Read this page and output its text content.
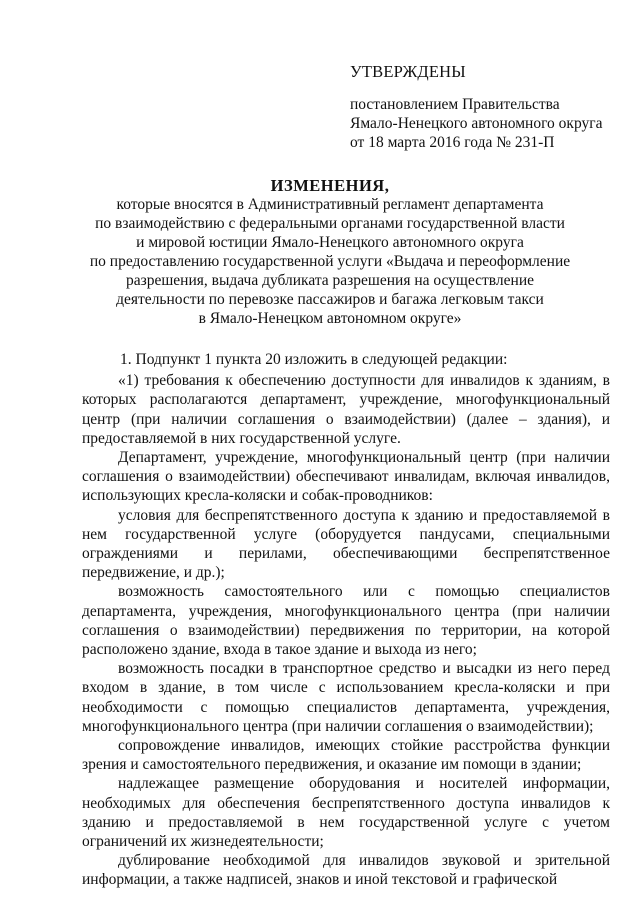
УТВЕРЖДЕНЫ
постановлением Правительства
Ямало-Ненецкого автономного округа
от 18 марта 2016 года № 231-П
ИЗМЕНЕНИЯ,
которые вносятся в Административный регламент департамента
по взаимодействию с федеральными органами государственной власти
и мировой юстиции Ямало-Ненецкого автономного округа
по предоставлению государственной услуги «Выдача и переоформление
разрешения, выдача дубликата разрешения на осуществление
деятельности по перевозке пассажиров и багажа легковым такси
в Ямало-Ненецком автономном округе»

1. Подпункт 1 пункта 20 изложить в следующей редакции:

«1) требования к обеспечению доступности для инвалидов к зданиям, в которых располагаются департамент, учреждение, многофункциональный центр (при наличии соглашения о взаимодействии) (далее – здания), и предоставляемой в них государственной услуге.

Департамент, учреждение, многофункциональный центр (при наличии соглашения о взаимодействии) обеспечивают инвалидам, включая инвалидов, использующих кресла-коляски и собак-проводников:

условия для беспрепятственного доступа к зданию и предоставляемой в нем государственной услуге (оборудуется пандусами, специальными ограждениями и перилами, обеспечивающими беспрепятственное передвижение, и др.);

возможность самостоятельного или с помощью специалистов департамента, учреждения, многофункционального центра (при наличии соглашения о взаимодействии) передвижения по территории, на которой расположено здание, входа в такое здание и выхода из него;

возможность посадки в транспортное средство и высадки из него перед входом в здание, в том числе с использованием кресла-коляски и при необходимости с помощью специалистов департамента, учреждения, многофункционального центра (при наличии соглашения о взаимодействии);

сопровождение инвалидов, имеющих стойкие расстройства функции зрения и самостоятельного передвижения, и оказание им помощи в здании;

надлежащее размещение оборудования и носителей информации, необходимых для обеспечения беспрепятственного доступа инвалидов к зданию и предоставляемой в нем государственной услуге с учетом ограничений их жизнедеятельности;

дублирование необходимой для инвалидов звуковой и зрительной информации, а также надписей, знаков и иной текстовой и графической
